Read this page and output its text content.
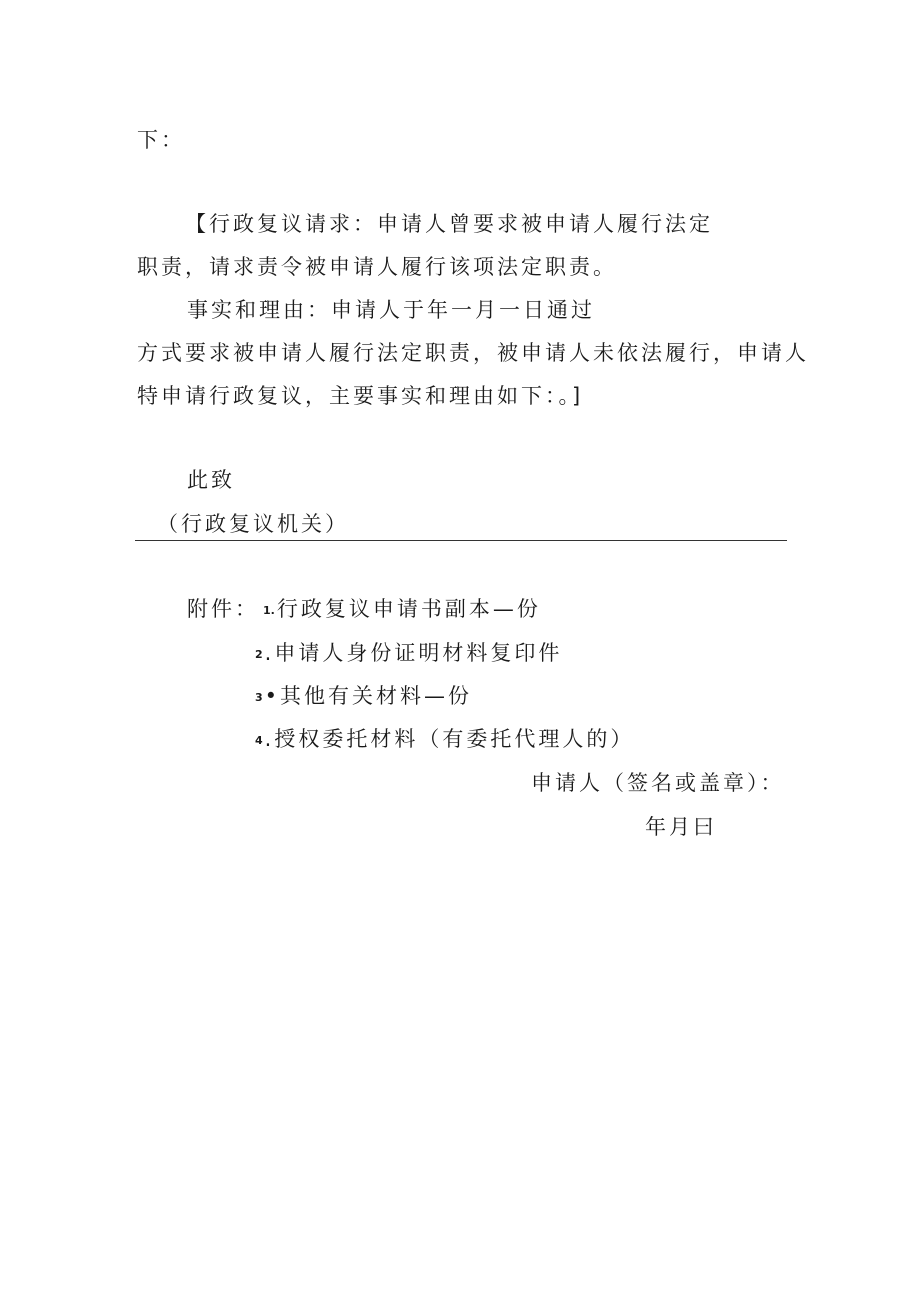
下：
【行政复议请求：申请人曾要求被申请人履行法定
职责，请求责令被申请人履行该项法定职责。
事实和理由：申请人于年一月一日通过
方式要求被申请人履行法定职责，被申请人未依法履行，申请人
特申请行政复议，主要事实和理由如下：。]
此致
（行政复议机关）
附件： 1.行政复议申请书副本—份
2.申请人身份证明材料复印件
3•其他有关材料—份
4.授权委托材料（有委托代理人的）
申请人（签名或盖章）：
年月曰
